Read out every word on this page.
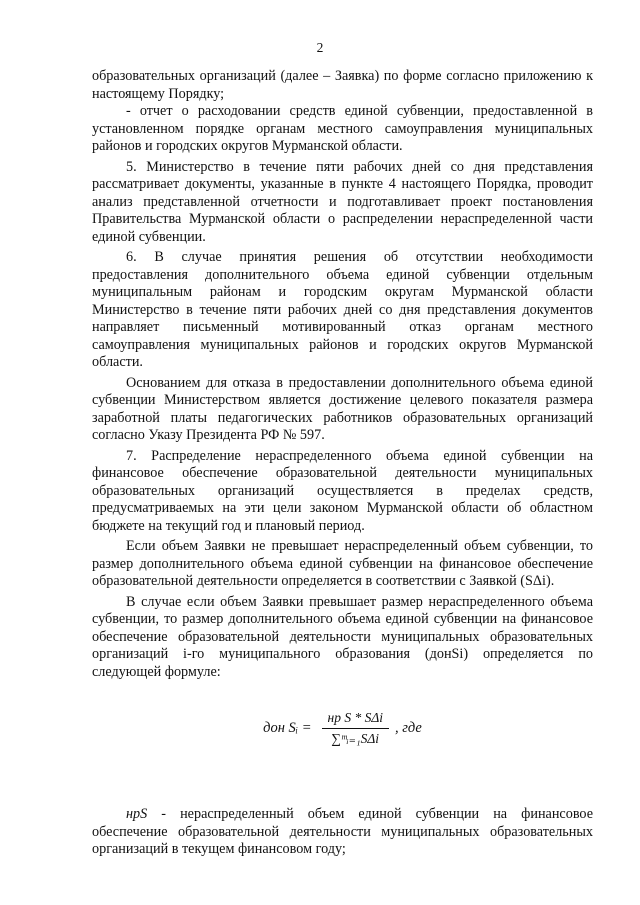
2

образовательных организаций (далее – Заявка) по форме согласно приложению к настоящему Порядку;

- отчет о расходовании средств единой субвенции, предоставленной в установленном порядке органам местного самоуправления муниципальных районов и городских округов Мурманской области.

5. Министерство в течение пяти рабочих дней со дня представления рассматривает документы, указанные в пункте 4 настоящего Порядка, проводит анализ представленной отчетности и подготавливает проект постановления Правительства Мурманской области о распределении нераспределенной части единой субвенции.

6. В случае принятия решения об отсутствии необходимости предоставления дополнительного объема единой субвенции отдельным муниципальным районам и городским округам Мурманской области Министерство в течение пяти рабочих дней со дня представления документов направляет письменный мотивированный отказ органам местного самоуправления муниципальных районов и городских округов Мурманской области.

Основанием для отказа в предоставлении дополнительного объема единой субвенции Министерством является достижение целевого показателя размера заработной платы педагогических работников образовательных организаций согласно Указу Президента РФ № 597.

7. Распределение нераспределенного объема единой субвенции на финансовое обеспечение образовательной деятельности муниципальных образовательных организаций осуществляется в пределах средств, предусматриваемых на эти цели законом Мурманской области об областном бюджете на текущий год и плановый период.

Если объем Заявки не превышает нераспределенный объем субвенции, то размер дополнительного объема единой субвенции на финансовое обеспечение образовательной деятельности определяется в соответствии с Заявкой (SΔi).

В случае если объем Заявки превышает размер нераспределенного объема субвенции, то размер дополнительного объема единой субвенции на финансовое обеспечение образовательной деятельности муниципальных образовательных организаций i-го муниципального образования (донSi) определяется по следующей формуле:

дон Sᵢ = $\frac{\text{нр S * SΔi}}{\text{∑ᵐᵢ₌₁SΔi}}$ , где

нрS - нераспределенный объем единой субвенции на финансовое обеспечение образовательной деятельности муниципальных образовательных организаций в текущем финансовом году;
